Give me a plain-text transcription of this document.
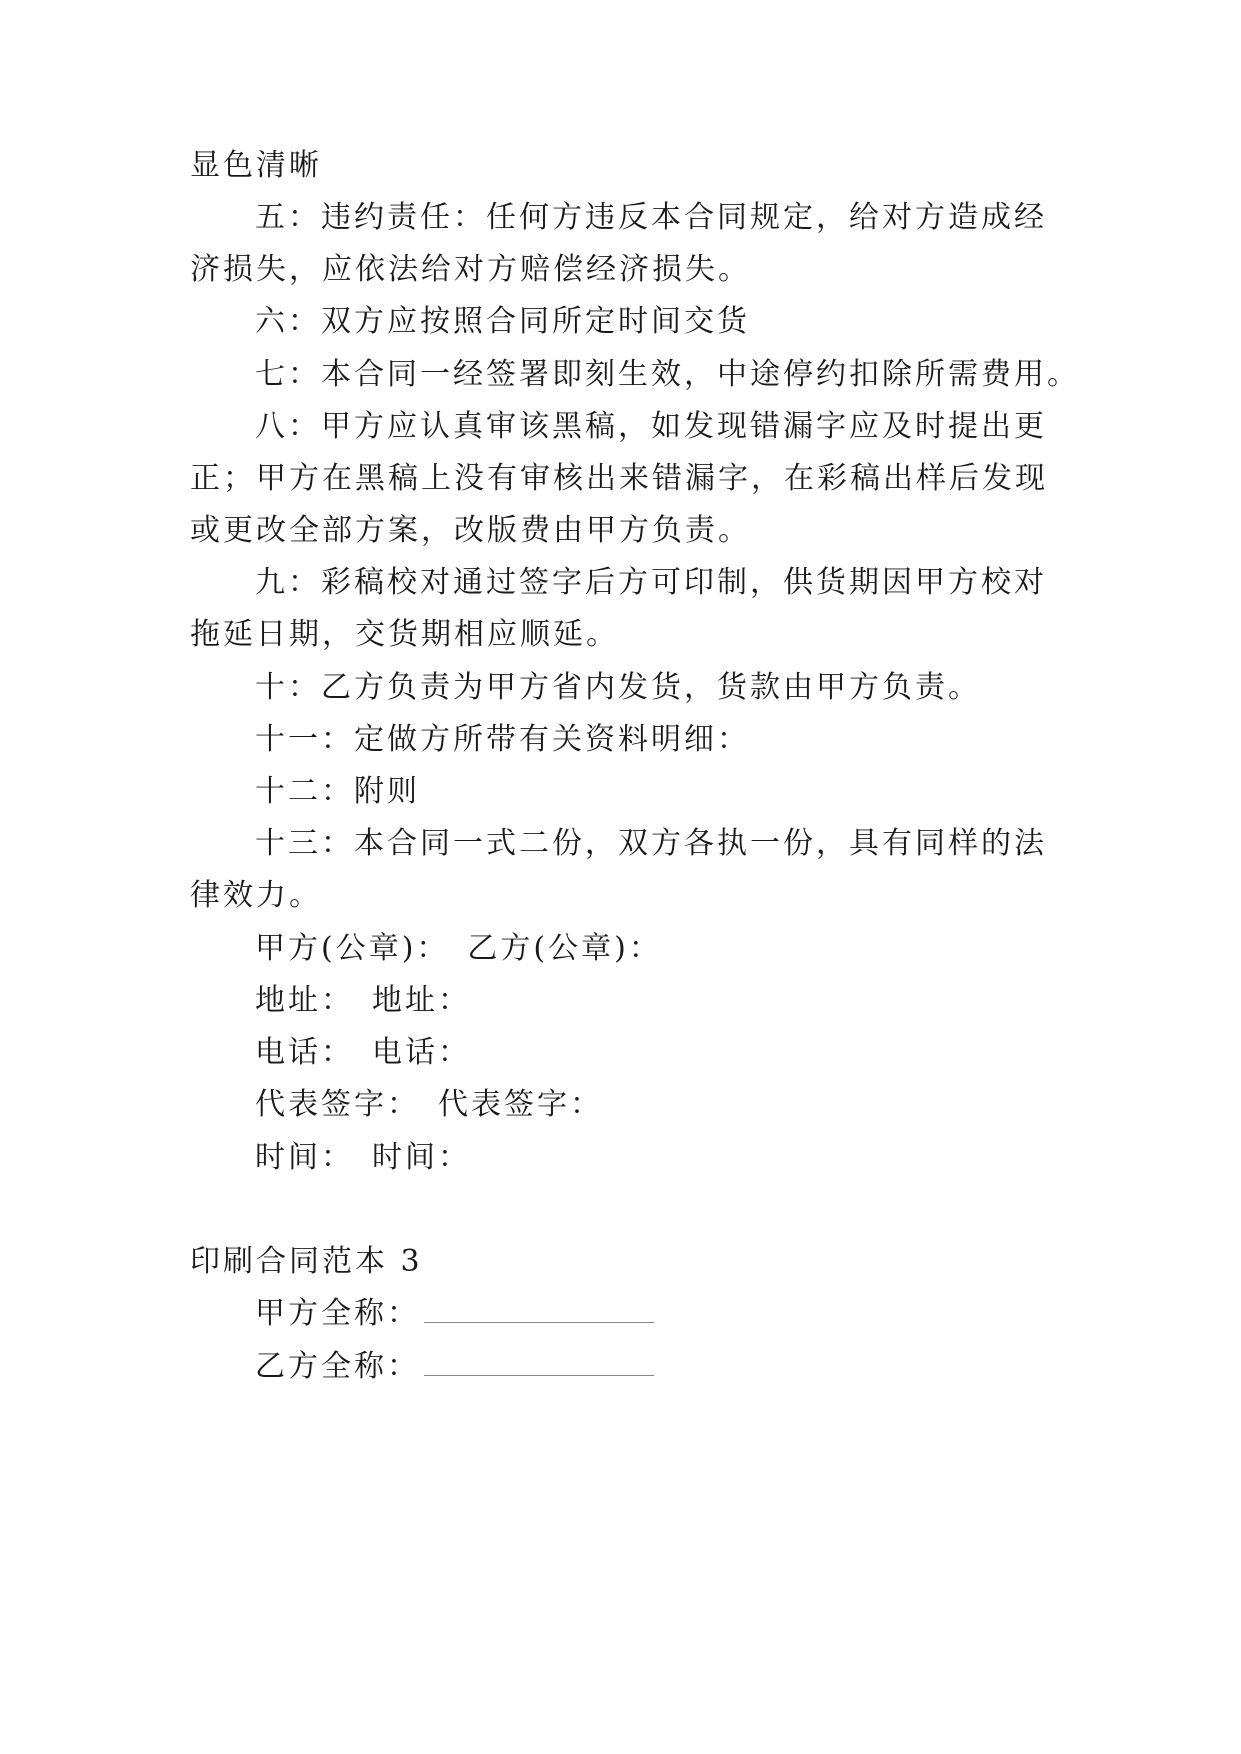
显色清晰
五：违约责任：任何方违反本合同规定，给对方造成经
济损失，应依法给对方赔偿经济损失。
六：双方应按照合同所定时间交货
七：本合同一经签署即刻生效，中途停约扣除所需费用。
八：甲方应认真审该黑稿，如发现错漏字应及时提出更
正；甲方在黑稿上没有审核出来错漏字，在彩稿出样后发现
或更改全部方案，改版费由甲方负责。
九：彩稿校对通过签字后方可印制，供货期因甲方校对
拖延日期，交货期相应顺延。
十：乙方负责为甲方省内发货，货款由甲方负责。
十一：定做方所带有关资料明细：
十二：附则
十三：本合同一式二份，双方各执一份，具有同样的法
律效力。
甲方(公章)：　乙方(公章)：
地址：　地址：
电话：　电话：
代表签字：　代表签字：
时间：　时间：
印刷合同范本 3
甲方全称：
乙方全称：
